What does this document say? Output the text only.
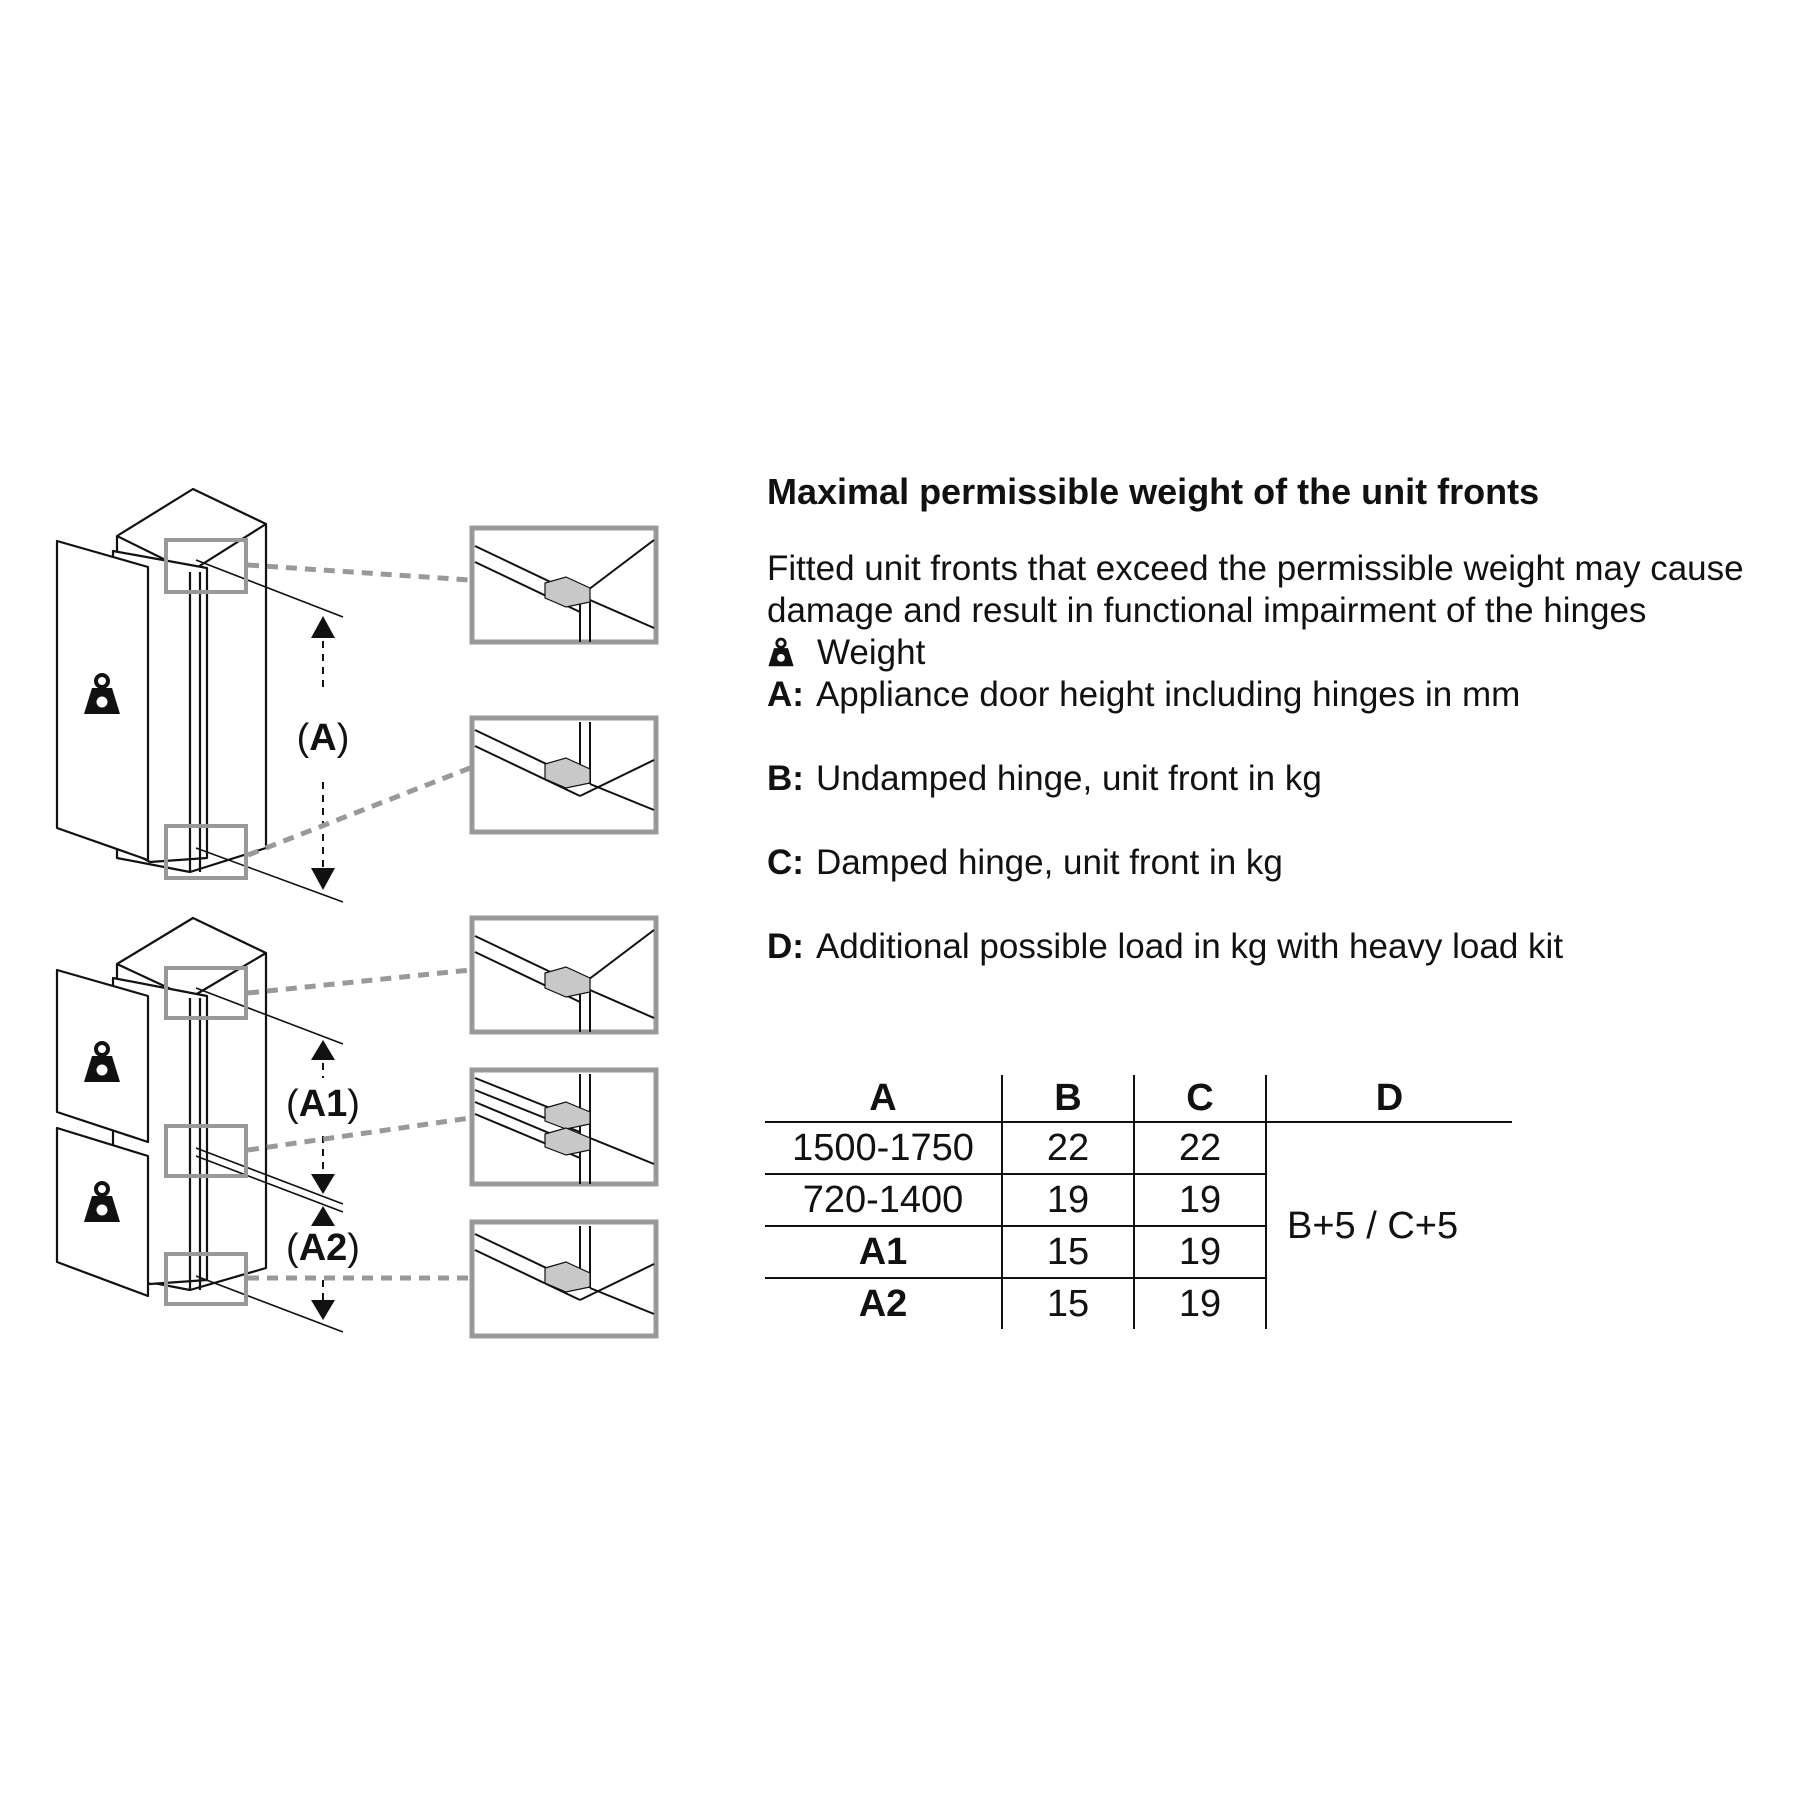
(A)
(A1)
(A2)
Maximal permissible weight of the unit fronts

Fitted unit fronts that exceed the permissible weight may cause damage and result in functional impairment of the hinges

Weight
A: Appliance door height including hinges in mm
B: Undamped hinge, unit front in kg
C: Damped hinge, unit front in kg
D: Additional possible load in kg with heavy load kit
A	B	C	D
1500-1750	22	22	B+5 / C+5
720-1400	19	19	
A1	15	19	
A2	15	19	
